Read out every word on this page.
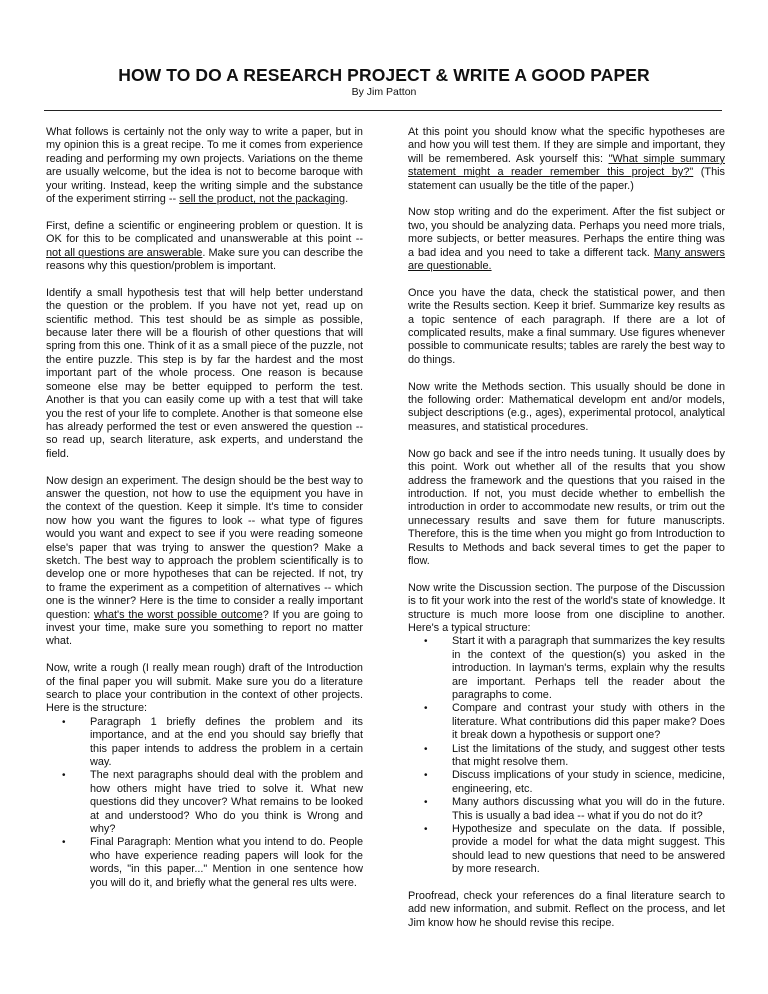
HOW TO DO A RESEARCH PROJECT & WRITE A GOOD PAPER

By Jim Patton

What follows is certainly not the only way to write a paper, but in my opinion this is a great recipe. To me it comes from experience reading and performing my own projects. Variations on the theme are usually welcome, but the idea is not to become baroque with your writing. Instead, keep the writing simple and the substance of the experiment stirring -- sell the product, not the packaging.

First, define a scientific or engineering problem or question. It is OK for this to be complicated and unanswerable at this point -- not all questions are answerable. Make sure you can describe the reasons why this question/problem is important.

Identify a small hypothesis test that will help better understand the question or the problem. If you have not yet, read up on scientific method. This test should be as simple as possible, because later there will be a flourish of other questions that will spring from this one. Think of it as a small piece of the puzzle, not the entire puzzle. This step is by far the hardest and the most important part of the whole process. One reason is because someone else may be better equipped to perform the test. Another is that you can easily come up with a test that will take you the rest of your life to complete. Another is that someone else has already performed the test or even answered the question -- so read up, search literature, ask experts, and understand the field.

Now design an experiment. The design should be the best way to answer the question, not how to use the equipment you have in the context of the question. Keep it simple. It's time to consider now how you want the figures to look -- what type of figures would you want and expect to see if you were reading someone else's paper that was trying to answer the question? Make a sketch. The best way to approach the problem scientifically is to develop one or more hypotheses that can be rejected. If not, try to frame the experiment as a competition of alternatives -- which one is the winner? Here is the time to consider a really important question: what's the worst possible outcome? If you are going to invest your time, make sure you something to report no matter what.

Now, write a rough (I really mean rough) draft of the Introduction of the final paper you will submit. Make sure you do a literature search to place your contribution in the context of other projects. Here is the structure:

• Paragraph 1 briefly defines the problem and its importance, and at the end you should say briefly that this paper intends to address the problem in a certain way.
• The next paragraphs should deal with the problem and how others might have tried to solve it. What new questions did they uncover? What remains to be looked at and understood? Who do you think is Wrong and why?
• Final Paragraph: Mention what you intend to do. People who have experience reading papers will look for the words, "in this paper..." Mention in one sentence how you will do it, and briefly what the general res ults were.

At this point you should know what the specific hypotheses are and how you will test them. If they are simple and important, they will be remembered. Ask yourself this: "What simple summary statement might a reader remember this project by?" (This statement can usually be the title of the paper.)

Now stop writing and do the experiment. After the fist subject or two, you should be analyzing data. Perhaps you need more trials, more subjects, or better measures. Perhaps the entire thing was a bad idea and you need to take a different tack. Many answers are questionable.

Once you have the data, check the statistical power, and then write the Results section. Keep it brief. Summarize key results as a topic sentence of each paragraph. If there are a lot of complicated results, make a final summary. Use figures whenever possible to communicate results; tables are rarely the best way to do things.

Now write the Methods section. This usually should be done in the following order: Mathematical developm ent and/or models, subject descriptions (e.g., ages), experimental protocol, analytical measures, and statistical procedures.

Now go back and see if the intro needs tuning. It usually does by this point. Work out whether all of the results that you show address the framework and the questions that you raised in the introduction. If not, you must decide whether to embellish the introduction in order to accommodate new results, or trim out the unnecessary results and save them for future manuscripts. Therefore, this is the time when you might go from Introduction to Results to Methods and back several times to get the paper to flow.

Now write the Discussion section. The purpose of the Discussion is to fit your work into the rest of the world's state of knowledge. It structure is much more loose from one discipline to another. Here's a typical structure:

• Start it with a paragraph that summarizes the key results in the context of the question(s) you asked in the introduction. In layman's terms, explain why the results are important. Perhaps tell the reader about the paragraphs to come.
• Compare and contrast your study with others in the literature. What contributions did this paper make? Does it break down a hypothesis or support one?
• List the limitations of the study, and suggest other tests that might resolve them.
• Discuss implications of your study in science, medicine, engineering, etc.
• Many authors discussing what you will do in the future. This is usually a bad idea -- what if you do not do it?
• Hypothesize and speculate on the data. If possible, provide a model for what the data might suggest. This should lead to new questions that need to be answered by more research.

Proofread, check your references do a final literature search to add new information, and submit. Reflect on the process, and let Jim know how he should revise this recipe.
